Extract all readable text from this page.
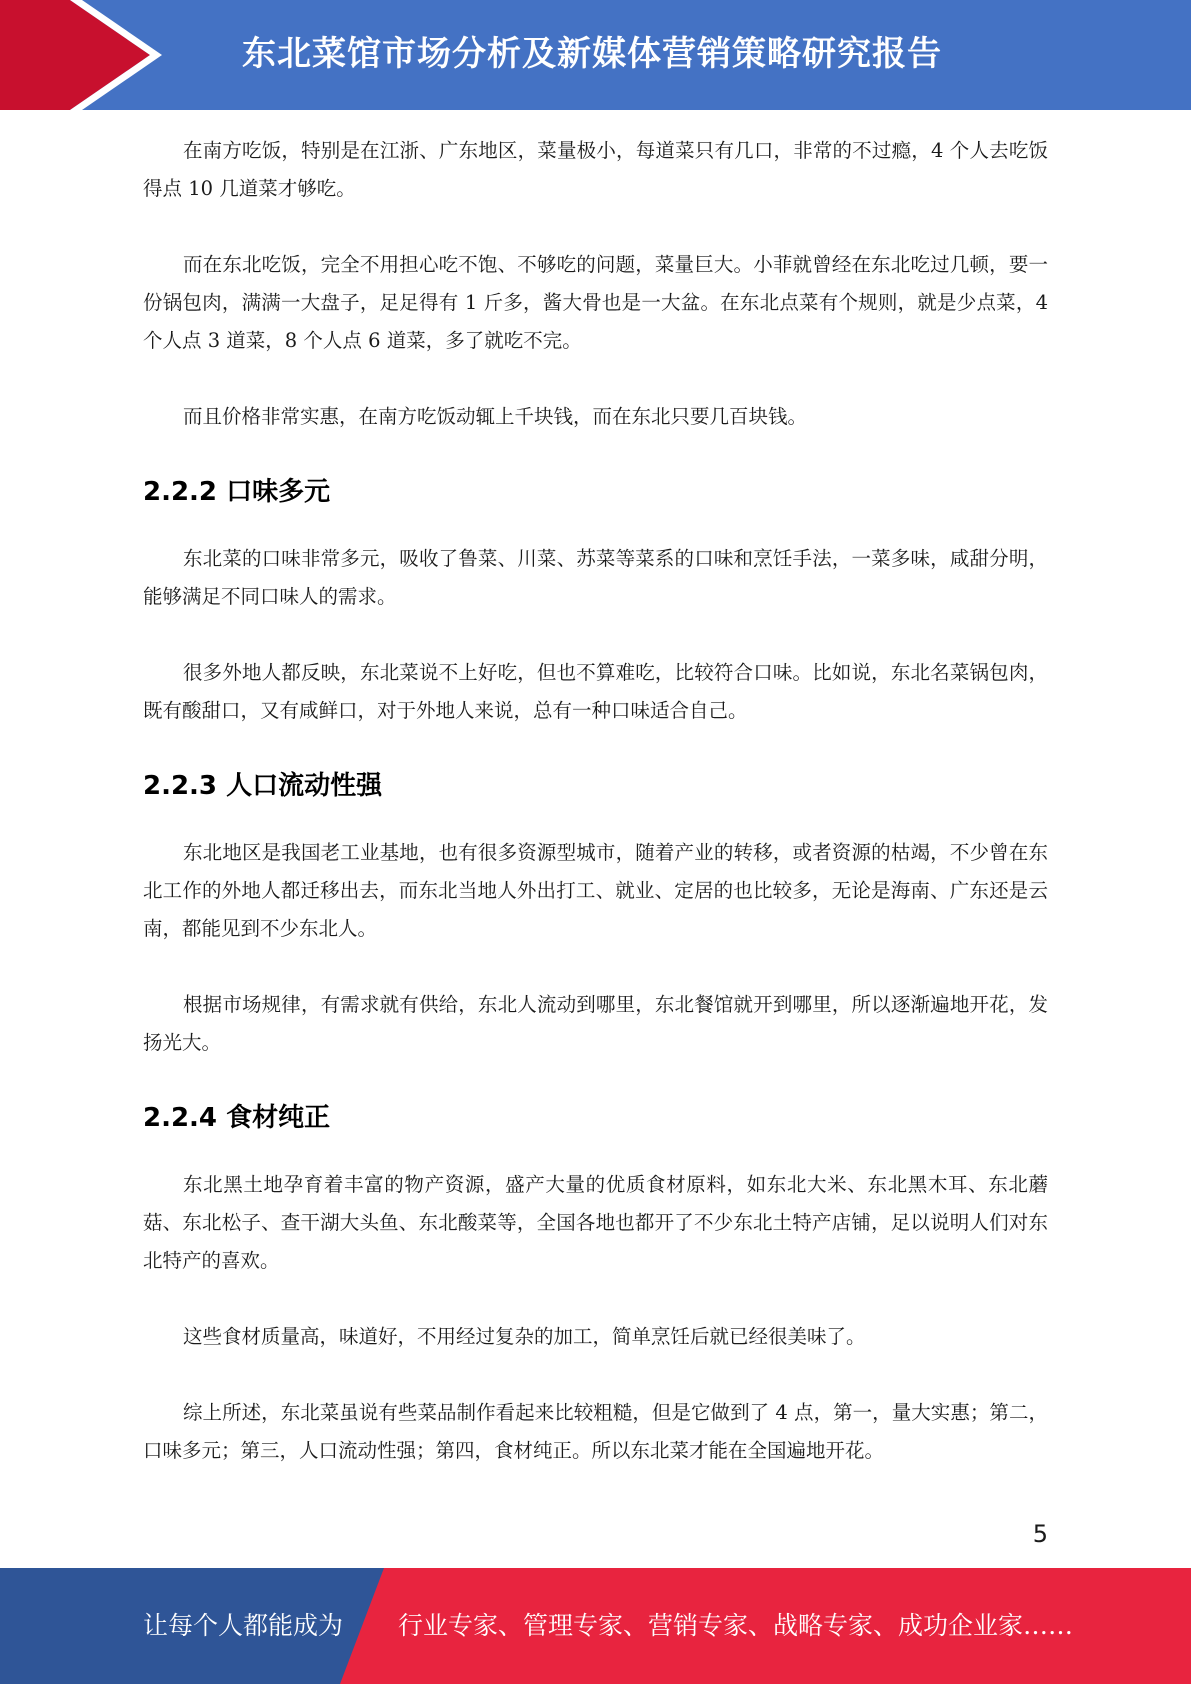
东北菜馆市场分析及新媒体营销策略研究报告

在南方吃饭，特别是在江浙、广东地区，菜量极小，每道菜只有几口，非常的不过瘾，4 个人去吃饭得点 10 几道菜才够吃。

而在东北吃饭，完全不用担心吃不饱、不够吃的问题，菜量巨大。小菲就曾经在东北吃过几顿，要一份锅包肉，满满一大盘子，足足得有 1 斤多，酱大骨也是一大盆。在东北点菜有个规则，就是少点菜，4 个人点 3 道菜，8 个人点 6 道菜，多了就吃不完。

而且价格非常实惠，在南方吃饭动辄上千块钱，而在东北只要几百块钱。

2.2.2 口味多元

东北菜的口味非常多元，吸收了鲁菜、川菜、苏菜等菜系的口味和烹饪手法，一菜多味，咸甜分明，能够满足不同口味人的需求。

很多外地人都反映，东北菜说不上好吃，但也不算难吃，比较符合口味。比如说，东北名菜锅包肉，既有酸甜口，又有咸鲜口，对于外地人来说，总有一种口味适合自己。

2.2.3 人口流动性强

东北地区是我国老工业基地，也有很多资源型城市，随着产业的转移，或者资源的枯竭，不少曾在东北工作的外地人都迁移出去，而东北当地人外出打工、就业、定居的也比较多，无论是海南、广东还是云南，都能见到不少东北人。

根据市场规律，有需求就有供给，东北人流动到哪里，东北餐馆就开到哪里，所以逐渐遍地开花，发扬光大。

2.2.4 食材纯正

东北黑土地孕育着丰富的物产资源，盛产大量的优质食材原料，如东北大米、东北黑木耳、东北蘑菇、东北松子、查干湖大头鱼、东北酸菜等，全国各地也都开了不少东北土特产店铺，足以说明人们对东北特产的喜欢。

这些食材质量高，味道好，不用经过复杂的加工，简单烹饪后就已经很美味了。

综上所述，东北菜虽说有些菜品制作看起来比较粗糙，但是它做到了 4 点，第一，量大实惠；第二，口味多元；第三，人口流动性强；第四，食材纯正。所以东北菜才能在全国遍地开花。

5
让每个人都能成为 行业专家、管理专家、营销专家、战略专家、成功企业家……
